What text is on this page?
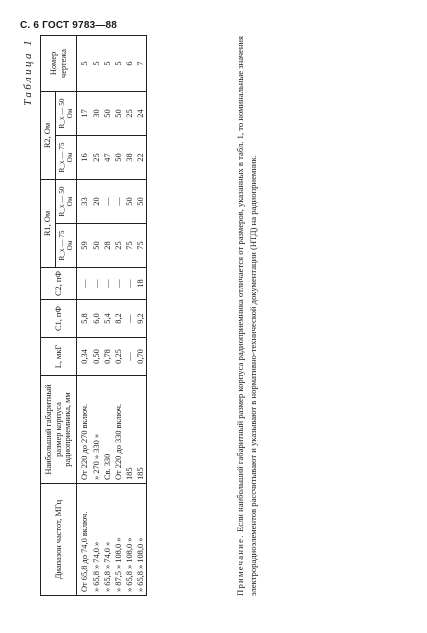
С. 6 ГОСТ 9783—88
Таблица 1
Диапазон частот, МГц	Наибольший габаритный размер корпуса радиоприемника, мм	L, мкГ	C1, пФ	C2, пФ	R1, Ом		R2, Ом		Номер чертежа
					R_x — 75 Ом	R_x — 50 Ом	R_x — 75 Ом	R_x — 50 Ом	
От 65,8 до 74,0 включ.	От 220 до 270 включ.	0,34	5,8	—	59	33	16	17	5
» 65,8 » 74,0 »	» 270 » 330 »	0,50	6,0	—	50	20	25	30	5
» 65,8 » 74,0 »	Св. 330	0,78	5,4	—	28	—	47	50	5
» 87,5 » 108,0 »	От 220 до 330 включ.	0,25	8,2	—	25	—	50	50	5
» 65,8 » 108,0 »	185	—	—	—	75	50	38	25	6
» 65,8 » 108,0 »	185	0,70	9,2	18	75	50	22	24	7
Примечание. Если наибольший габаритный размер корпуса радиоприемника отличается от размеров, указанных в табл. 1, то номинальные значения электрорадиоэлементов рассчитывают и указывают в нормативно-технической документации (НТД) на радиоприемник.
